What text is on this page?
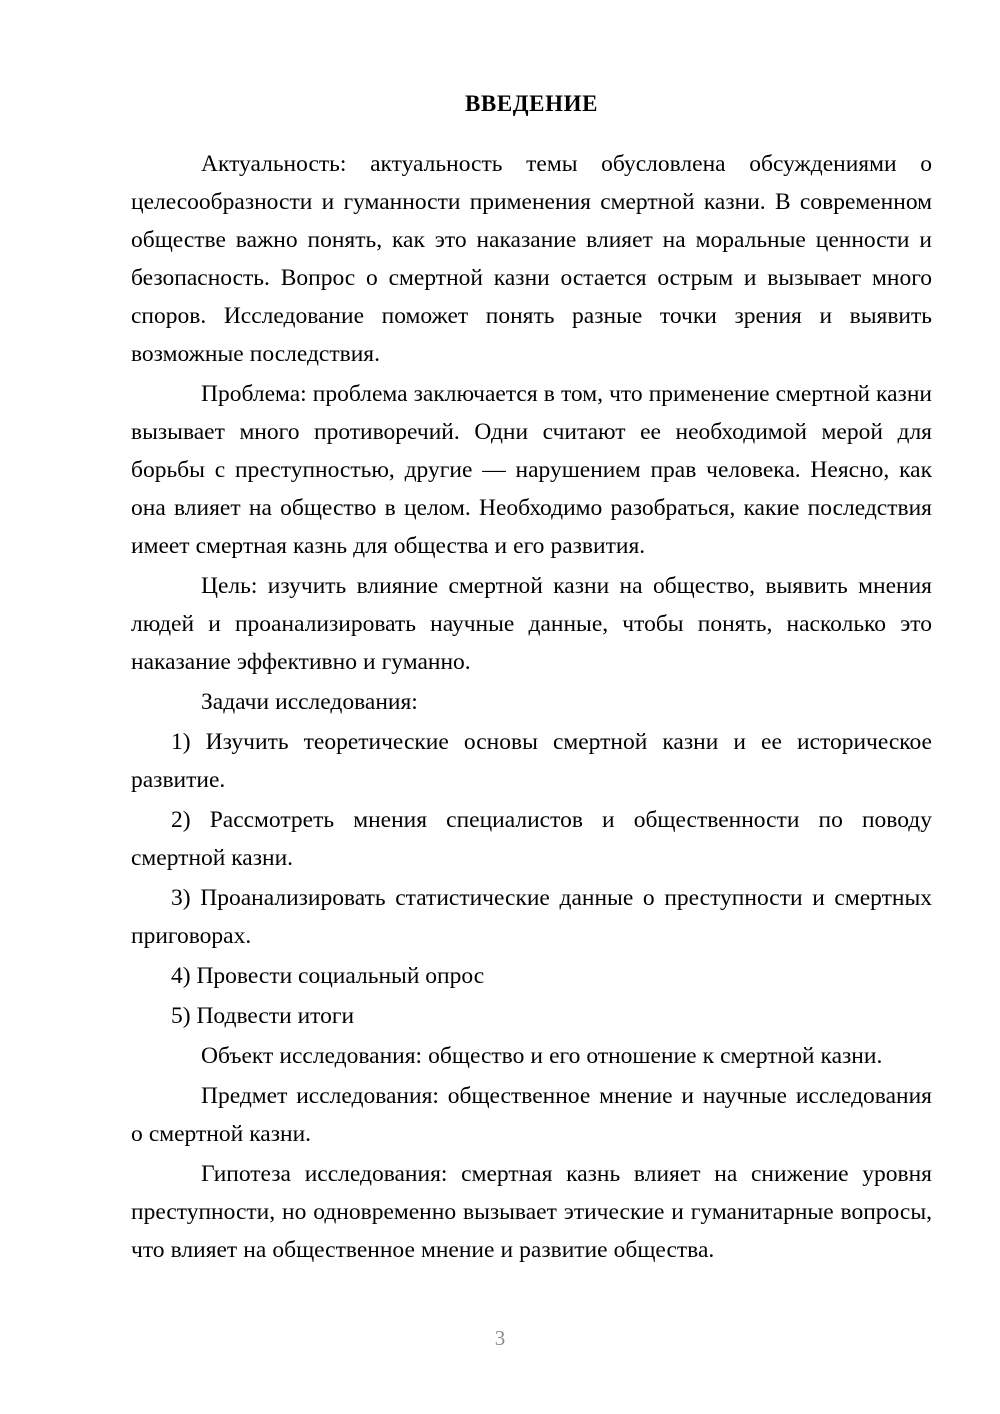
ВВЕДЕНИЕ

Актуальность: актуальность темы обусловлена обсуждениями о целесообразности и гуманности применения смертной казни. В современном обществе важно понять, как это наказание влияет на моральные ценности и безопасность. Вопрос о смертной казни остается острым и вызывает много споров. Исследование поможет понять разные точки зрения и выявить возможные последствия.

Проблема: проблема заключается в том, что применение смертной казни вызывает много противоречий. Одни считают ее необходимой мерой для борьбы с преступностью, другие — нарушением прав человека. Неясно, как она влияет на общество в целом. Необходимо разобраться, какие последствия имеет смертная казнь для общества и его развития.

Цель: изучить влияние смертной казни на общество, выявить мнения людей и проанализировать научные данные, чтобы понять, насколько это наказание эффективно и гуманно.

Задачи исследования:

1) Изучить теоретические основы смертной казни и ее историческое развитие.

2) Рассмотреть мнения специалистов и общественности по поводу смертной казни.

3) Проанализировать статистические данные о преступности и смертных приговорах.

4) Провести социальный опрос

5) Подвести итоги

Объект исследования: общество и его отношение к смертной казни.

Предмет исследования: общественное мнение и научные исследования о смертной казни.

Гипотеза исследования: смертная казнь влияет на снижение уровня преступности, но одновременно вызывает этические и гуманитарные вопросы, что влияет на общественное мнение и развитие общества.

3
